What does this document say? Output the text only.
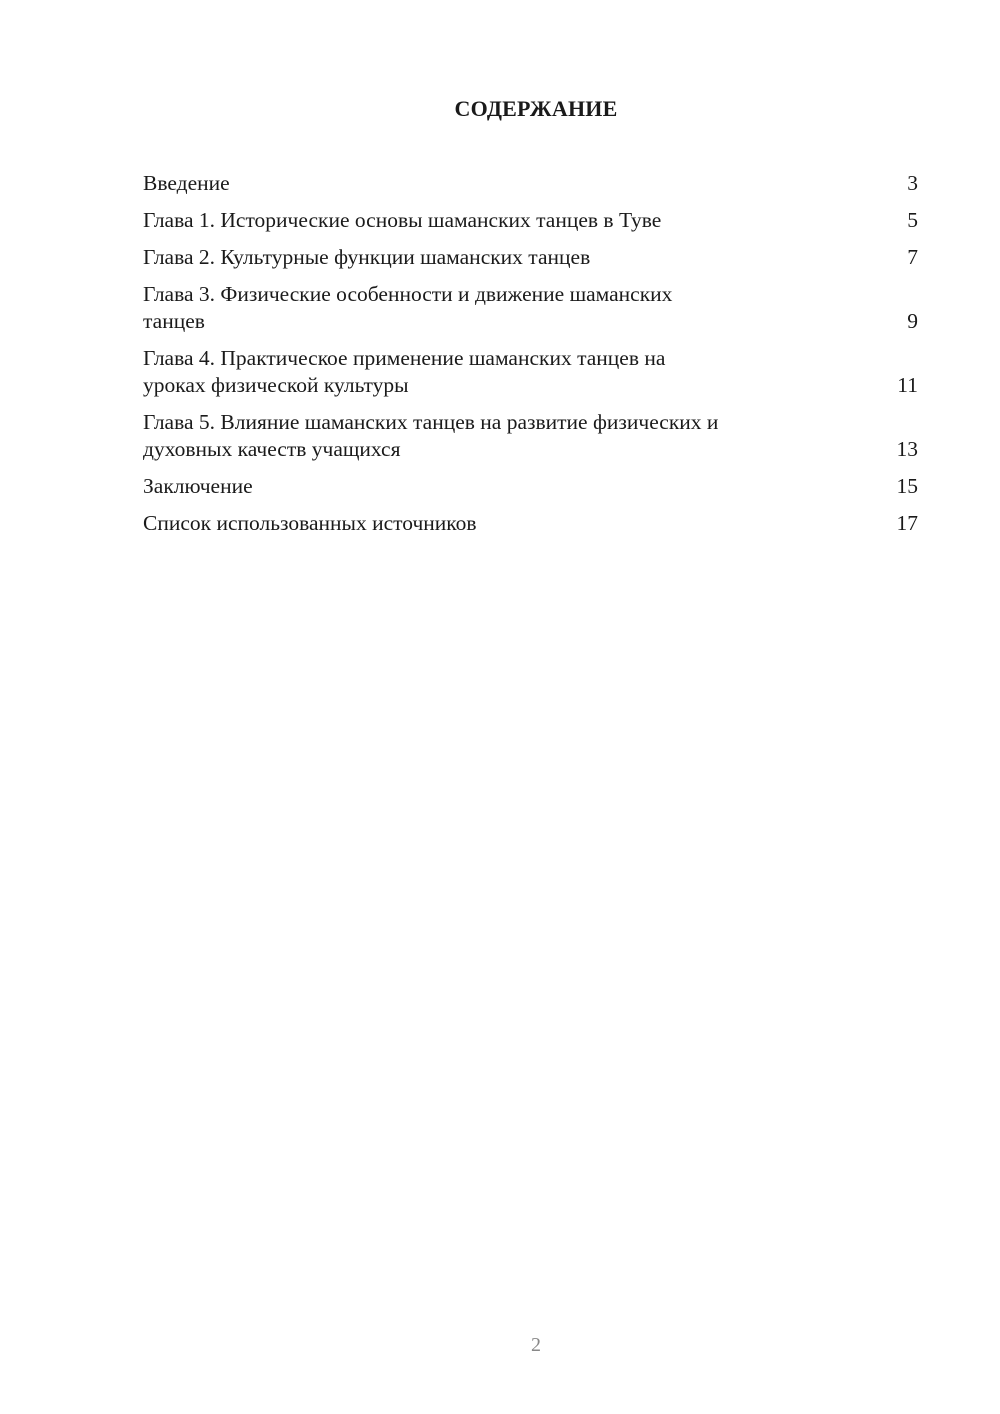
СОДЕРЖАНИЕ
Введение	3
Глава 1. Исторические основы шаманских танцев в Туве	5
Глава 2. Культурные функции шаманских танцев	7
Глава 3. Физические особенности и движение шаманских
танцев	9
Глава 4. Практическое применение шаманских танцев на
уроках физической культуры	11
Глава 5. Влияние шаманских танцев на развитие физических и
духовных качеств учащихся	13
Заключение	15
Список использованных источников	17
2
